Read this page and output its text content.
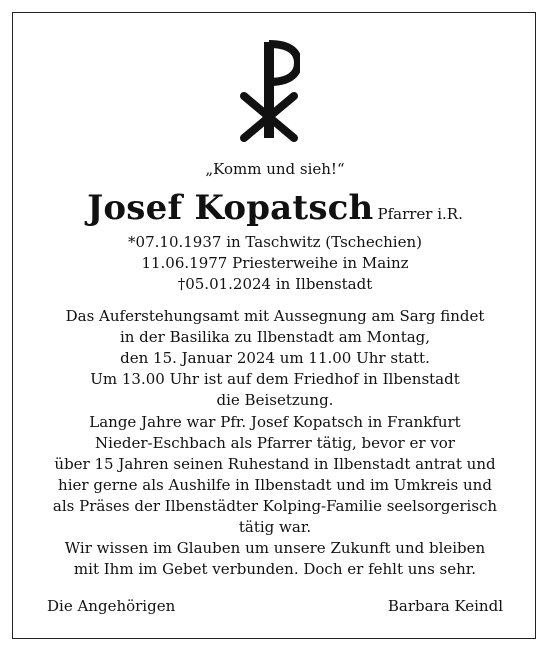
„Komm und sieh!“
Josef Kopatsch Pfarrer i.R.
*07.10.1937 in Taschwitz (Tschechien)
11.06.1977 Priesterweihe in Mainz
†05.01.2024 in Ilbenstadt
Das Auferstehungsamt mit Aussegnung am Sarg findet
in der Basilika zu Ilbenstadt am Montag,
den 15. Januar 2024 um 11.00 Uhr statt.
Um 13.00 Uhr ist auf dem Friedhof in Ilbenstadt
die Beisetzung.
Lange Jahre war Pfr. Josef Kopatsch in Frankfurt
Nieder-Eschbach als Pfarrer tätig, bevor er vor
über 15 Jahren seinen Ruhestand in Ilbenstadt antrat und
hier gerne als Aushilfe in Ilbenstadt und im Umkreis und
als Präses der Ilbenstädter Kolping-Familie seelsorgerisch
tätig war.
Wir wissen im Glauben um unsere Zukunft und bleiben
mit Ihm im Gebet verbunden. Doch er fehlt uns sehr.
Die Angehörigen	Barbara Keindl
